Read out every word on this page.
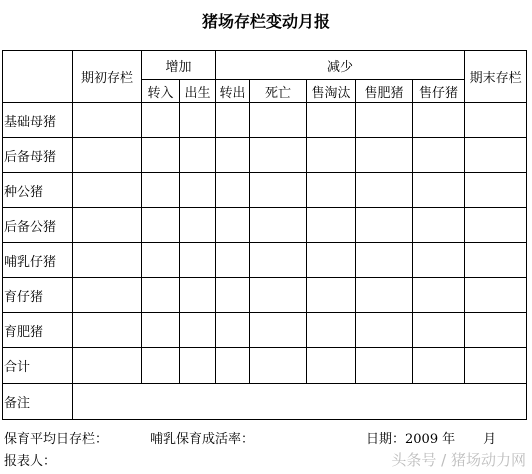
猪场存栏变动月报
	期初存栏	增加		减少					期末存栏
		转入	出生	转出	死亡	售淘汰	售肥猪	售仔猪	
基础母猪									
后备母猪									
种公猪									
后备公猪									
哺乳仔猪									
育仔猪									
育肥猪									
合计									
备注									
保育平均日存栏：	哺乳保育成活率：	日期：2009 年 月
报表人：	头条号 / 猪场动力网
